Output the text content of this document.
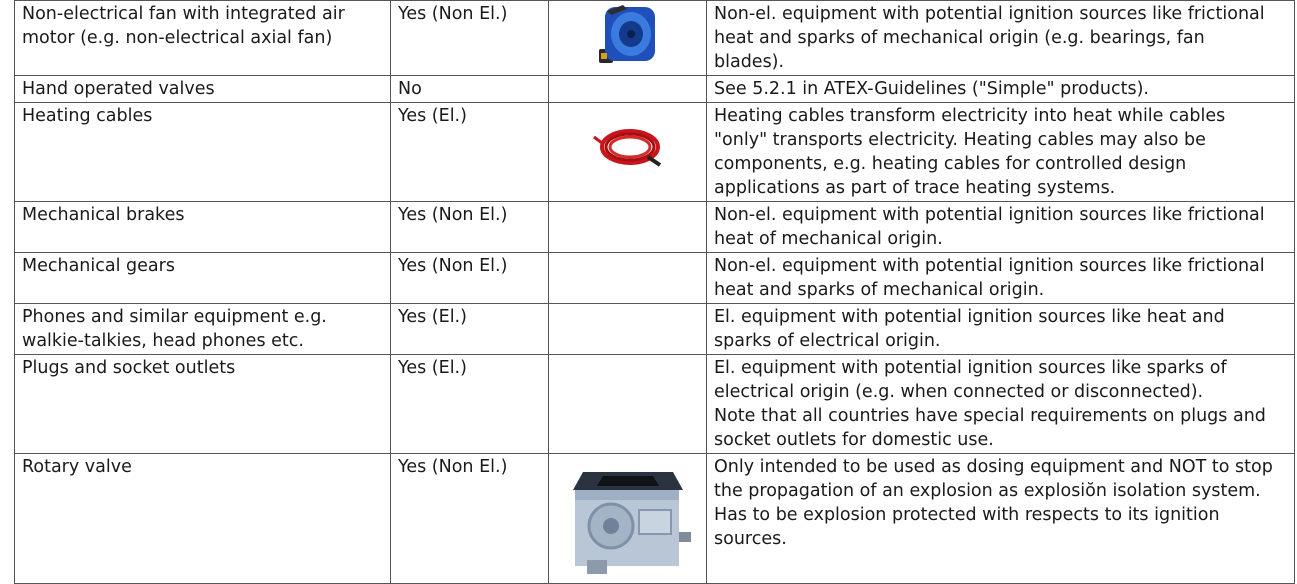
Non-electrical fan with integrated air
motor (e.g. non-electrical axial fan)	Yes (Non El.)		Non-el. equipment with potential ignition sources like frictional
heat and sparks of mechanical origin (e.g. bearings, fan
blades).

Hand operated valves	No		See 5.2.1 in ATEX-Guidelines ("Simple" products).

Heating cables	Yes (El.)		Heating cables transform electricity into heat while cables
"only" transports electricity. Heating cables may also be
components, e.g. heating cables for controlled design
applications as part of trace heating systems.

Mechanical brakes	Yes (Non El.)		Non-el. equipment with potential ignition sources like frictional
heat of mechanical origin.

Mechanical gears	Yes (Non El.)		Non-el. equipment with potential ignition sources like frictional
heat and sparks of mechanical origin.

Phones and similar equipment e.g.
walkie-talkies, head phones etc.	Yes (El.)		El. equipment with potential ignition sources like heat and
sparks of electrical origin.

Plugs and socket outlets	Yes (El.)		El. equipment with potential ignition sources like sparks of
electrical origin (e.g. when connected or disconnected).
Note that all countries have special requirements on plugs and
socket outlets for domestic use.

Rotary valve	Yes (Non El.)		Only intended to be used as dosing equipment and NOT to stop
the propagation of an explosion as explosiŏn isolation system.
Has to be explosion protected with respects to its ignition
sources.
